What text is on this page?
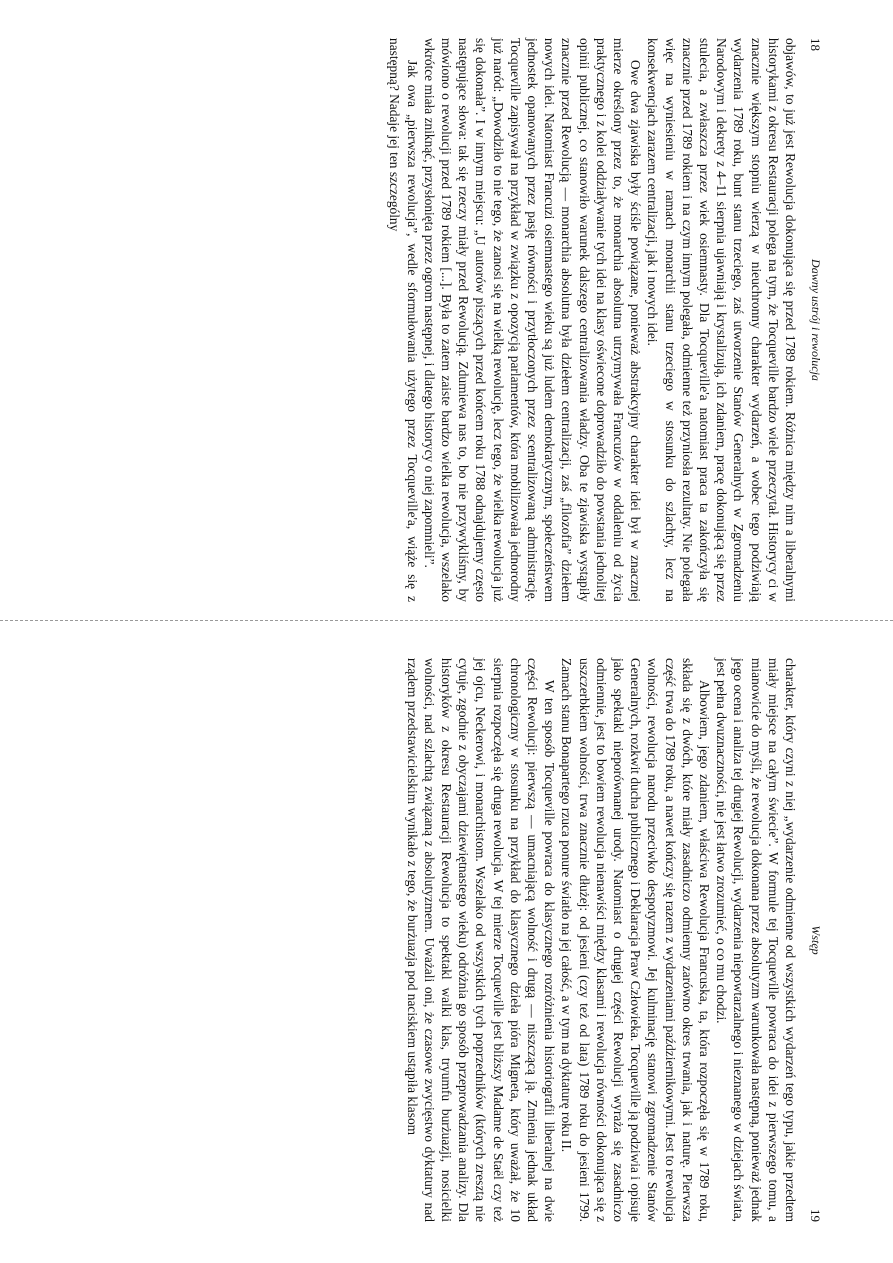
18
Dawny ustrój i rewolucja

objawów, to już jest Rewolucja dokonująca się przed 1789 rokiem. Różnica między nim a liberalnymi historykami z okresu Restauracji polega na tym, że Tocqueville bardzo wiele przeczytał. Historycy ci w znacznie większym stopniu wierzą w nieuchronny charakter wydarzeń, a wobec tego podziwiają wydarzenia 1789 roku, bunt stanu trzeciego, zaś utworzenie Stanów Generalnych w Zgromadzeniu Narodowym i dekrety z 4–11 sierpnia ujawniają i krystalizują, ich zdaniem, pracę dokonującą się przez stulecia, a zwłaszcza przez wiek osiemnasty. Dla Tocqueville'a natomiast praca ta zakończyła się znacznie przed 1789 rokiem i na czym innym polegała, odmienne też przyniosła rezultaty. Nie polegała więc na wyniesieniu w ramach monarchii stanu trzeciego w stosunku do szlachty, lecz na konsekwencjach zarazem centralizacji, jak i nowych idei.

Owe dwa zjawiska były ściśle powiązane, ponieważ abstrakcyjny charakter idei był w znacznej mierze określony przez to, że monarchia absolutna utrzymywała Francuzów w oddaleniu od życia praktycznego i z kolei oddziaływanie tych idei na klasy oświecone doprowadziło do powstania jednolitej opinii publicznej, co stanowiło warunek dalszego centralizowania władzy. Oba te zjawiska wystąpiły znacznie przed Rewolucją — monarchia absolutna była dziełem centralizacji, zaś „filozofia” dziełem nowych idei. Natomiast Francuzi osiemnastego wieku są już ludem demokratycznym, społeczeństwem jednostek opanowanych przez pasję równości i przytłoczonych przez scentralizowaną administrację. Tocqueville zapisywał na przykład w związku z opozycją parlamentów, która mobilizowała jednorodny już naród: „Dowodziło to nie tego, że zanosi się na wielką rewolucję, lecz tego, że wielka rewolucja już się dokonała”. I w innym miejscu: „U autorów piszących przed końcem roku 1788 odnajdujemy często następujące słowa: tak się rzeczy miały przed Rewolucją. Zdumiewa nas to, bo nie przywykliśmy, by mówiono o rewolucji przed 1789 rokiem [...]. Była to zatem zaiste bardzo wielka rewolucja, wszelako wkrótce miała zniknąć, przysłonięta przez ogrom następnej, i dlatego historycy o niej zapomnieli”.

Jak owa „pierwsza rewolucja”, wedle sformułowania użytego przez Tocqueville'a, wiąże się z następną? Nadaje jej ten szczególny

Wstęp
19

charakter, który czyni z niej „wydarzenie odmienne od wszystkich wydarzeń tego typu, jakie przedtem miały miejsce na całym świecie”. W formule tej Tocqueville powraca do idei z pierwszego tomu, a mianowicie do myśli, że rewolucja dokonana przez absolutyzm warunkowała następną, ponieważ jednak jego ocena i analiza tej drugiej Rewolucji, wydarzenia niepowtarzalnego i nieznanego w dziejach świata, jest pełna dwuznaczności, nie jest łatwo zrozumieć, o co mu chodzi.

Albowiem, jego zdaniem, właściwa Rewolucja Francuska, ta, która rozpoczęła się w 1789 roku, składa się z dwóch, które miały zasadniczo odmienny zarówno okres trwania, jak i naturę. Pierwsza część trwa do 1789 roku, a nawet kończy się razem z wydarzeniami październikowymi. Jest to rewolucja wolności, rewolucja narodu przeciwko despotyzmowi. Jej kulminację stanowi zgromadzenie Stanów Generalnych, rozkwit ducha publicznego i Deklaracja Praw Człowieka. Tocqueville ją podziwia i opisuje jako spektakl nieporównanej urody. Natomiast o drugiej części Rewolucji wyraża się zasadniczo odmiennie, jest to bowiem rewolucja nienawiści między klasami i rewolucja równości dokonująca się z uszczerbkiem wolności, trwa znacznie dłużej: od jesieni (czy też od lata) 1789 roku do jesieni 1799. Zamach stanu Bonapartego rzuca ponure światło na jej całość, a w tym na dyktaturę roku II.

W ten sposób Tocqueville powraca do klasycznego rozróżnienia historiografii liberalnej na dwie części Rewolucji: pierwszą — umacniającą wolność i drugą — niszczącą ją. Zmienia jednak układ chronologiczny w stosunku na przykład do klasycznego dzieła pióra Migneta, który uważał, że 10 sierpnia rozpoczęła się druga rewolucja. W tej mierze Tocqueville jest bliższy Madame de Staël czy też jej ojcu, Neckerowi, i monarchistom. Wszelako od wszystkich tych poprzedników (których zresztą nie cytuje, zgodnie z obyczajami dziewiętnastego wieku) odróżnia go sposób przeprowadzania analizy. Dla historyków z okresu Restauracji Rewolucja to spektakl walki klas, tryumfu burżuazji, nosicielki wolności, nad szlachtą związaną z absolutyzmem. Uważali oni, że czasowe zwycięstwo dyktatury nad rządem przedstawicielskim wynikało z tego, że burżuazja pod naciskiem ustąpiła klasom
